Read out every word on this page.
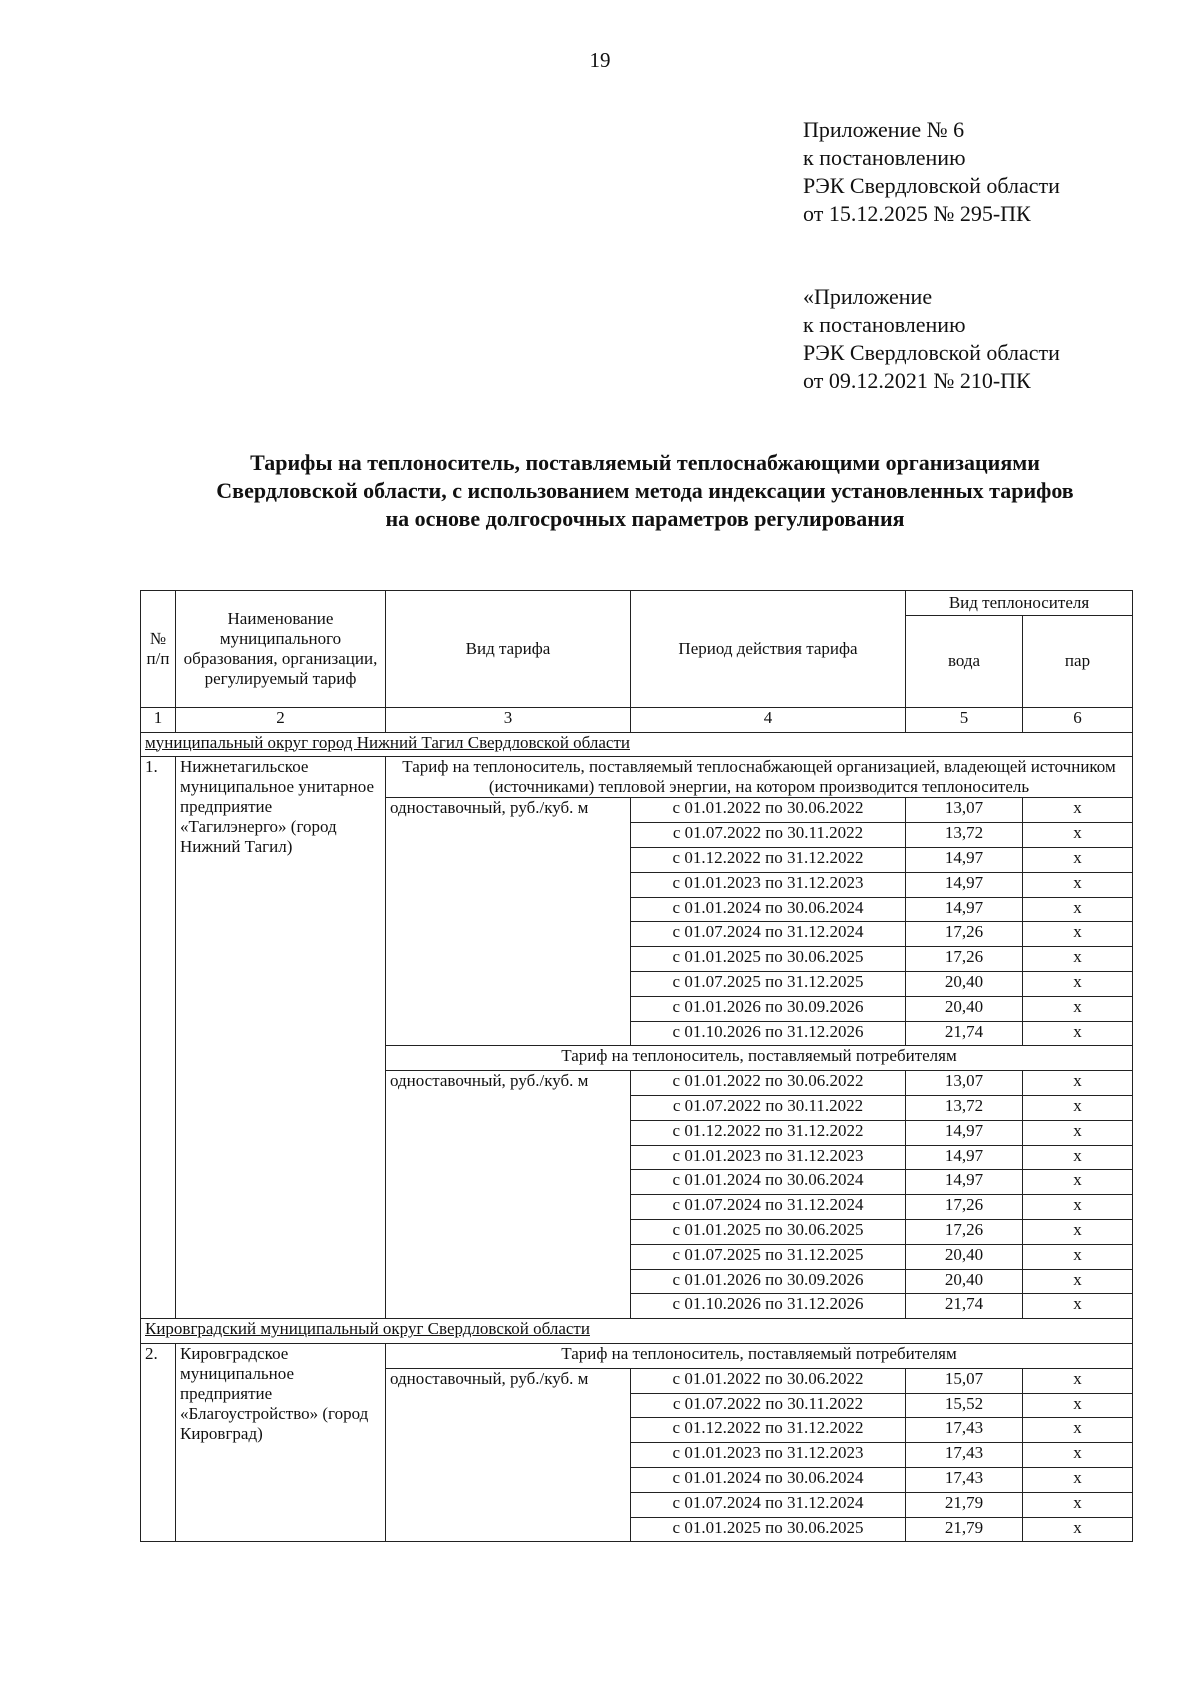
19
Приложение № 6
к постановлению
РЭК Свердловской области
от 15.12.2025 № 295-ПК
«Приложение
к постановлению
РЭК Свердловской области
от 09.12.2021 № 210-ПК
Тарифы на теплоноситель, поставляемый теплоснабжающими организациями
Свердловской области, с использованием метода индексации установленных тарифов
на основе долгосрочных параметров регулирования
№ п/п	Наименование муниципального образования, организации, регулируемый тариф	Вид тарифа	Период действия тарифа	Вид теплоносителя	
				вода	пар
1	2	3	4	5	6
муниципальный округ город Нижний Тагил Свердловской области					
1.	Нижнетагильское муниципальное унитарное предприятие «Тагилэнерго» (город Нижний Тагил)	Тариф на теплоноситель, поставляемый теплоснабжающей организацией, владеющей источником (источниками) тепловой энергии, на котором производится теплоноситель			
		одноставочный, руб./куб. м	с 01.01.2022 по 30.06.2022	13,07	х
			с 01.07.2022 по 30.11.2022	13,72	х
			с 01.12.2022 по 31.12.2022	14,97	х
			с 01.01.2023 по 31.12.2023	14,97	х
			с 01.01.2024 по 30.06.2024	14,97	х
			с 01.07.2024 по 31.12.2024	17,26	х
			с 01.01.2025 по 30.06.2025	17,26	х
			с 01.07.2025 по 31.12.2025	20,40	х
			с 01.01.2026 по 30.09.2026	20,40	х
			с 01.10.2026 по 31.12.2026	21,74	х
		Тариф на теплоноситель, поставляемый потребителям			
		одноставочный, руб./куб. м	с 01.01.2022 по 30.06.2022	13,07	х
			с 01.07.2022 по 30.11.2022	13,72	х
			с 01.12.2022 по 31.12.2022	14,97	х
			с 01.01.2023 по 31.12.2023	14,97	х
			с 01.01.2024 по 30.06.2024	14,97	х
			с 01.07.2024 по 31.12.2024	17,26	х
			с 01.01.2025 по 30.06.2025	17,26	х
			с 01.07.2025 по 31.12.2025	20,40	х
			с 01.01.2026 по 30.09.2026	20,40	х
			с 01.10.2026 по 31.12.2026	21,74	х
Кировградский муниципальный округ Свердловской области					
2.	Кировградское муниципальное предприятие «Благоустройство» (город Кировград)	Тариф на теплоноситель, поставляемый потребителям			
		одноставочный, руб./куб. м	с 01.01.2022 по 30.06.2022	15,07	х
			с 01.07.2022 по 30.11.2022	15,52	х
			с 01.12.2022 по 31.12.2022	17,43	х
			с 01.01.2023 по 31.12.2023	17,43	х
			с 01.01.2024 по 30.06.2024	17,43	х
			с 01.07.2024 по 31.12.2024	21,79	х
			с 01.01.2025 по 30.06.2025	21,79	х
